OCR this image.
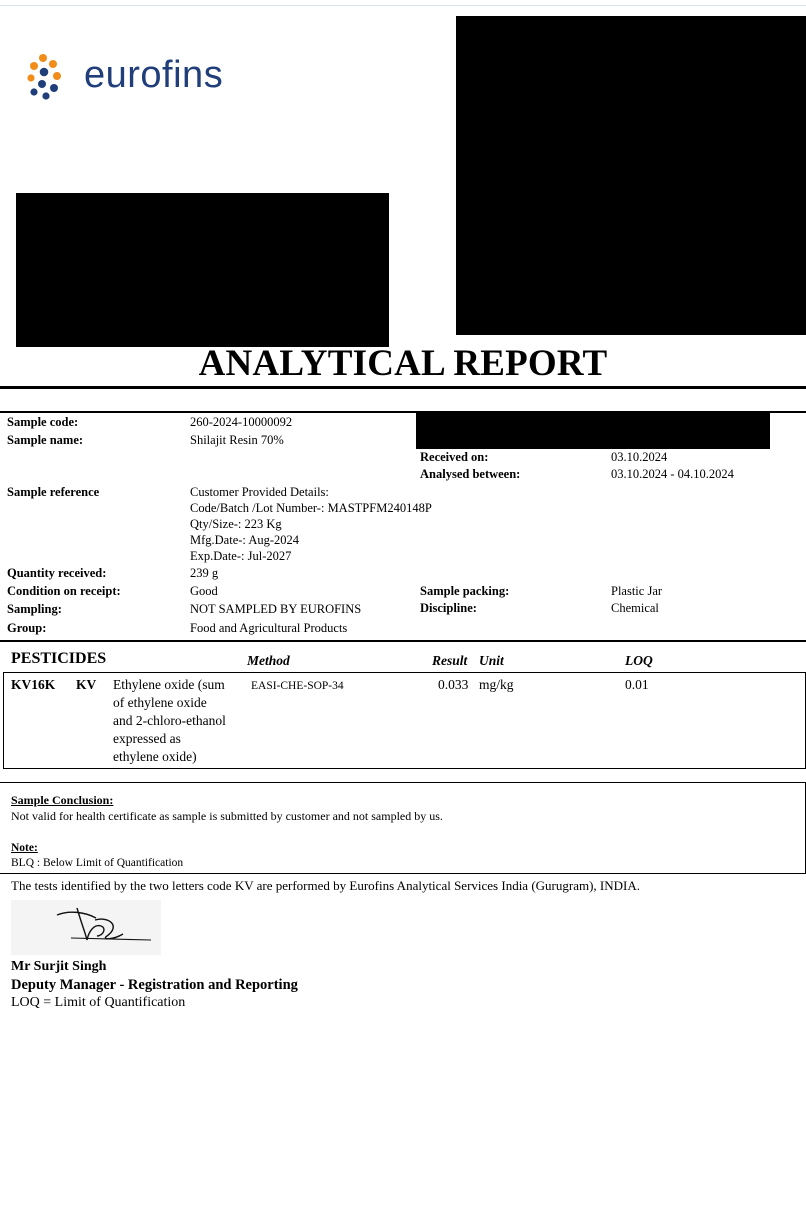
eurofins
ANALYTICAL REPORT
Sample code:	260-2024-10000092
Sample name:	Shilajit Resin 70%
Received on:	03.10.2024
Analysed between:	03.10.2024 - 04.10.2024
Sample reference	Customer Provided Details:
Code/Batch /Lot Number-: MASTPFM240148P
Qty/Size-: 223 Kg
Mfg.Date-: Aug-2024
Exp.Date-: Jul-2027
Quantity received:	239 g
Condition on receipt:	Good	Sample packing:	Plastic Jar
Sampling:	NOT SAMPLED BY EUROFINS	Discipline:	Chemical
Group:	Food and Agricultural Products
PESTICIDES	Method	Result Unit	LOQ
KV16K KV Ethylene oxide (sum
of ethylene oxide
and 2-chloro-ethanol
expressed as
ethylene oxide)
EASI-CHE-SOP-34	0.033 mg/kg	0.01
Sample Conclusion:
Not valid for health certificate as sample is submitted by customer and not sampled by us.
Note:
BLQ : Below Limit of Quantification
The tests identified by the two letters code KV are performed by Eurofins Analytical Services India (Gurugram), INDIA.
Mr Surjit Singh
Deputy Manager - Registration and Reporting
LOQ = Limit of Quantification
